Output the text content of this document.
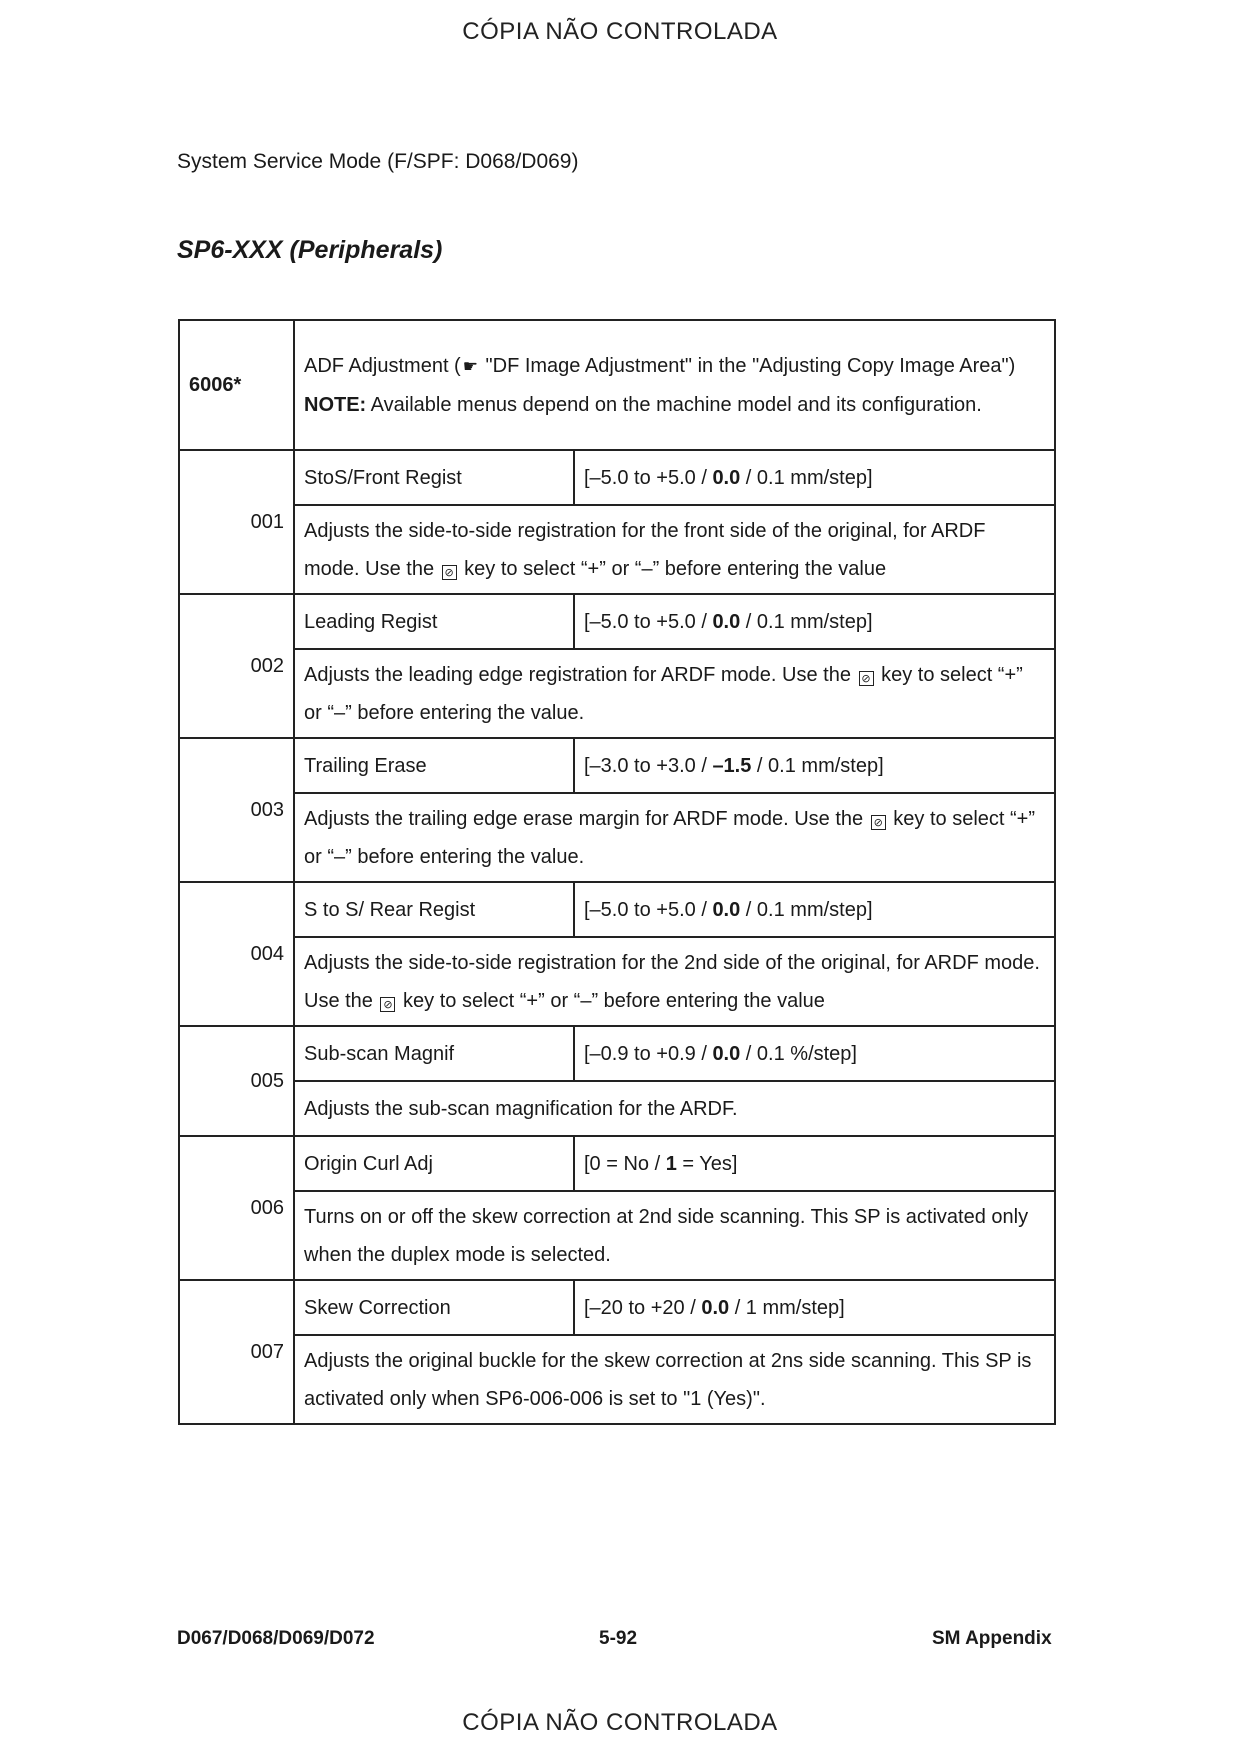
CÓPIA NÃO CONTROLADA
System Service Mode (F/SPF: D068/D069)
SP6-XXX (Peripherals)
6006*	ADF Adjustment ( ☛ "DF Image Adjustment" in the "Adjusting Copy Image Area")
NOTE: Available menus depend on the machine model and its configuration.	
001	StoS/Front Regist	[–5.0 to +5.0 / 0.0 / 0.1 mm/step]
	Adjusts the side-to-side registration for the front side of the original, for ARDF mode. Use the ⊘ key to select “+” or “–” before entering the value	
002	Leading Regist	[–5.0 to +5.0 / 0.0 / 0.1 mm/step]
	Adjusts the leading edge registration for ARDF mode. Use the ⊘ key to select “+” or “–” before entering the value.	
003	Trailing Erase	[–3.0 to +3.0 / –1.5 / 0.1 mm/step]
	Adjusts the trailing edge erase margin for ARDF mode. Use the ⊘ key to select “+” or “–” before entering the value.	
004	S to S/ Rear Regist	[–5.0 to +5.0 / 0.0 / 0.1 mm/step]
	Adjusts the side-to-side registration for the 2nd side of the original, for ARDF mode. Use the ⊘ key to select “+” or “–” before entering the value	
005	Sub-scan Magnif	[–0.9 to +0.9 / 0.0 / 0.1 %/step]
	Adjusts the sub-scan magnification for the ARDF.	
006	Origin Curl Adj	[0 = No / 1 = Yes]
	Turns on or off the skew correction at 2nd side scanning. This SP is activated only when the duplex mode is selected.	
007	Skew Correction	[–20 to +20 / 0.0 / 1 mm/step]
	Adjusts the original buckle for the skew correction at 2ns side scanning. This SP is activated only when SP6-006-006 is set to "1 (Yes)".	
D067/D068/D069/D072	5-92	SM Appendix
CÓPIA NÃO CONTROLADA
